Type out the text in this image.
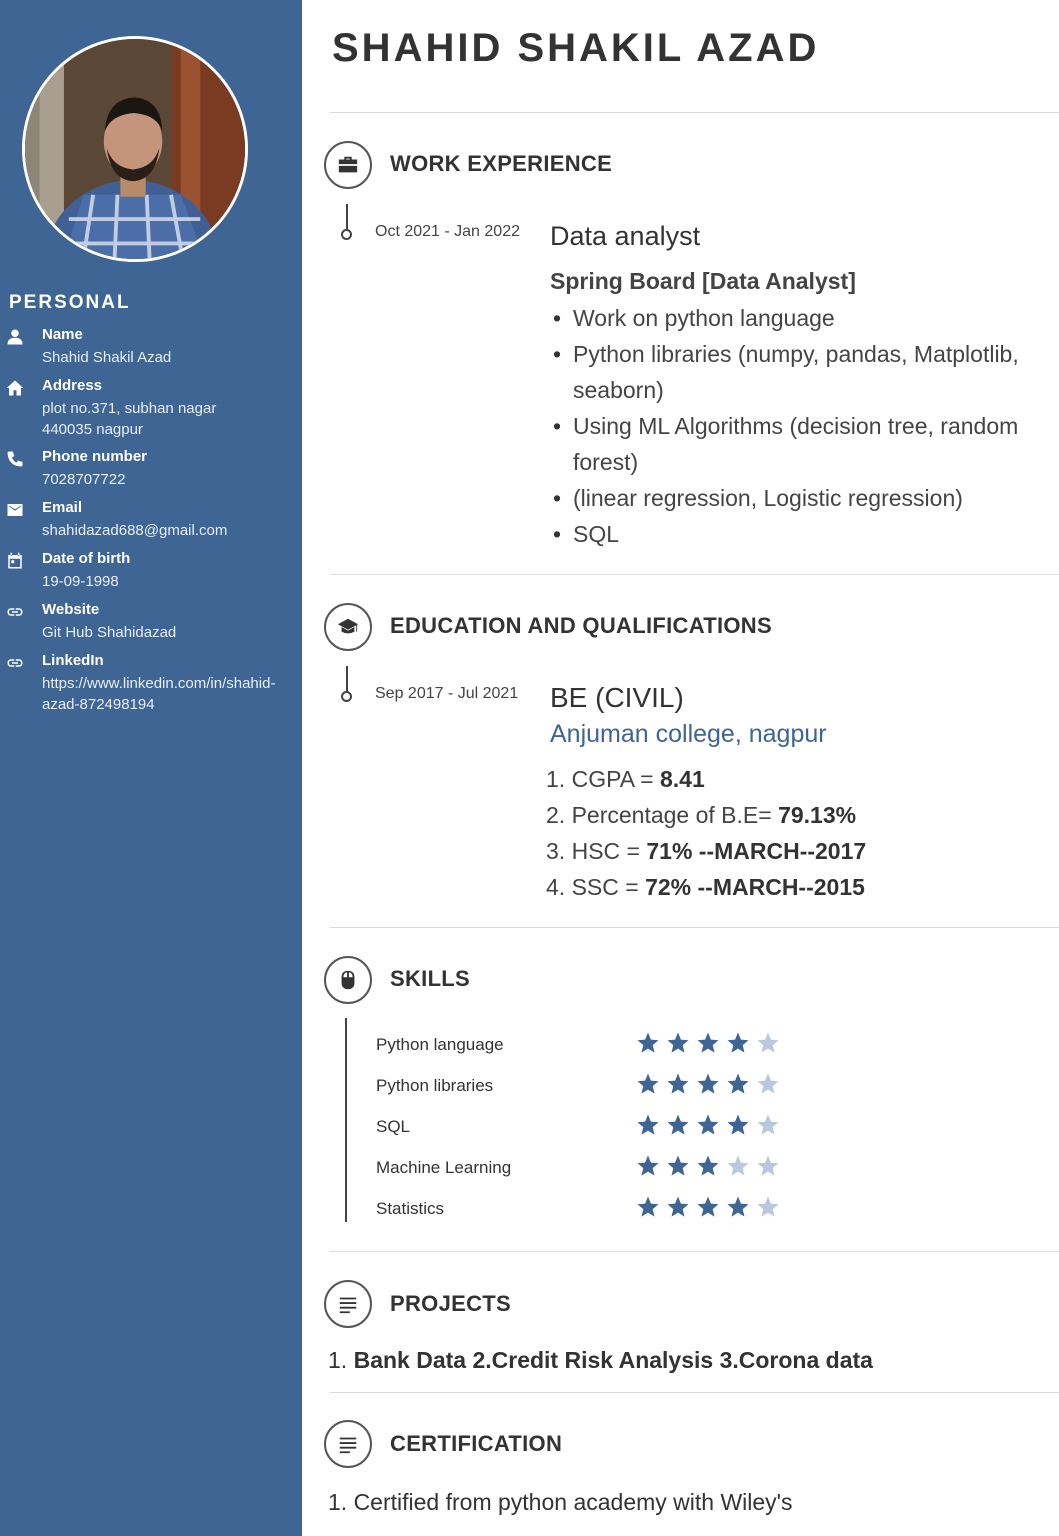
PERSONAL
Name
Shahid Shakil Azad
Address
plot no.371, subhan nagar
440035 nagpur
Phone number
7028707722
Email
shahidazad688@gmail.com
Date of birth
19-09-1998
Website
Git Hub Shahidazad
LinkedIn
https://www.linkedin.com/in/shahid-
azad-872498194
SHAHID SHAKIL AZAD
WORK EXPERIENCE
Oct 2021 - Jan 2022 Data analyst
Spring Board [Data Analyst]
• Work on python language
• Python libraries (numpy, pandas, Matplotlib, seaborn)
• Using ML Algorithms (decision tree, random forest)
• (linear regression, Logistic regression)
• SQL
EDUCATION AND QUALIFICATIONS
Sep 2017 - Jul 2021 BE (CIVIL)
Anjuman college, nagpur
1. CGPA = 8.41
2. Percentage of B.E= 79.13%
3. HSC = 71% --MARCH--2017
4. SSC = 72% --MARCH--2015
SKILLS
Python language
Python libraries
SQL
Machine Learning
Statistics
PROJECTS
1. Bank Data 2.Credit Risk Analysis 3.Corona data
CERTIFICATION
1. Certified from python academy with Wiley's
